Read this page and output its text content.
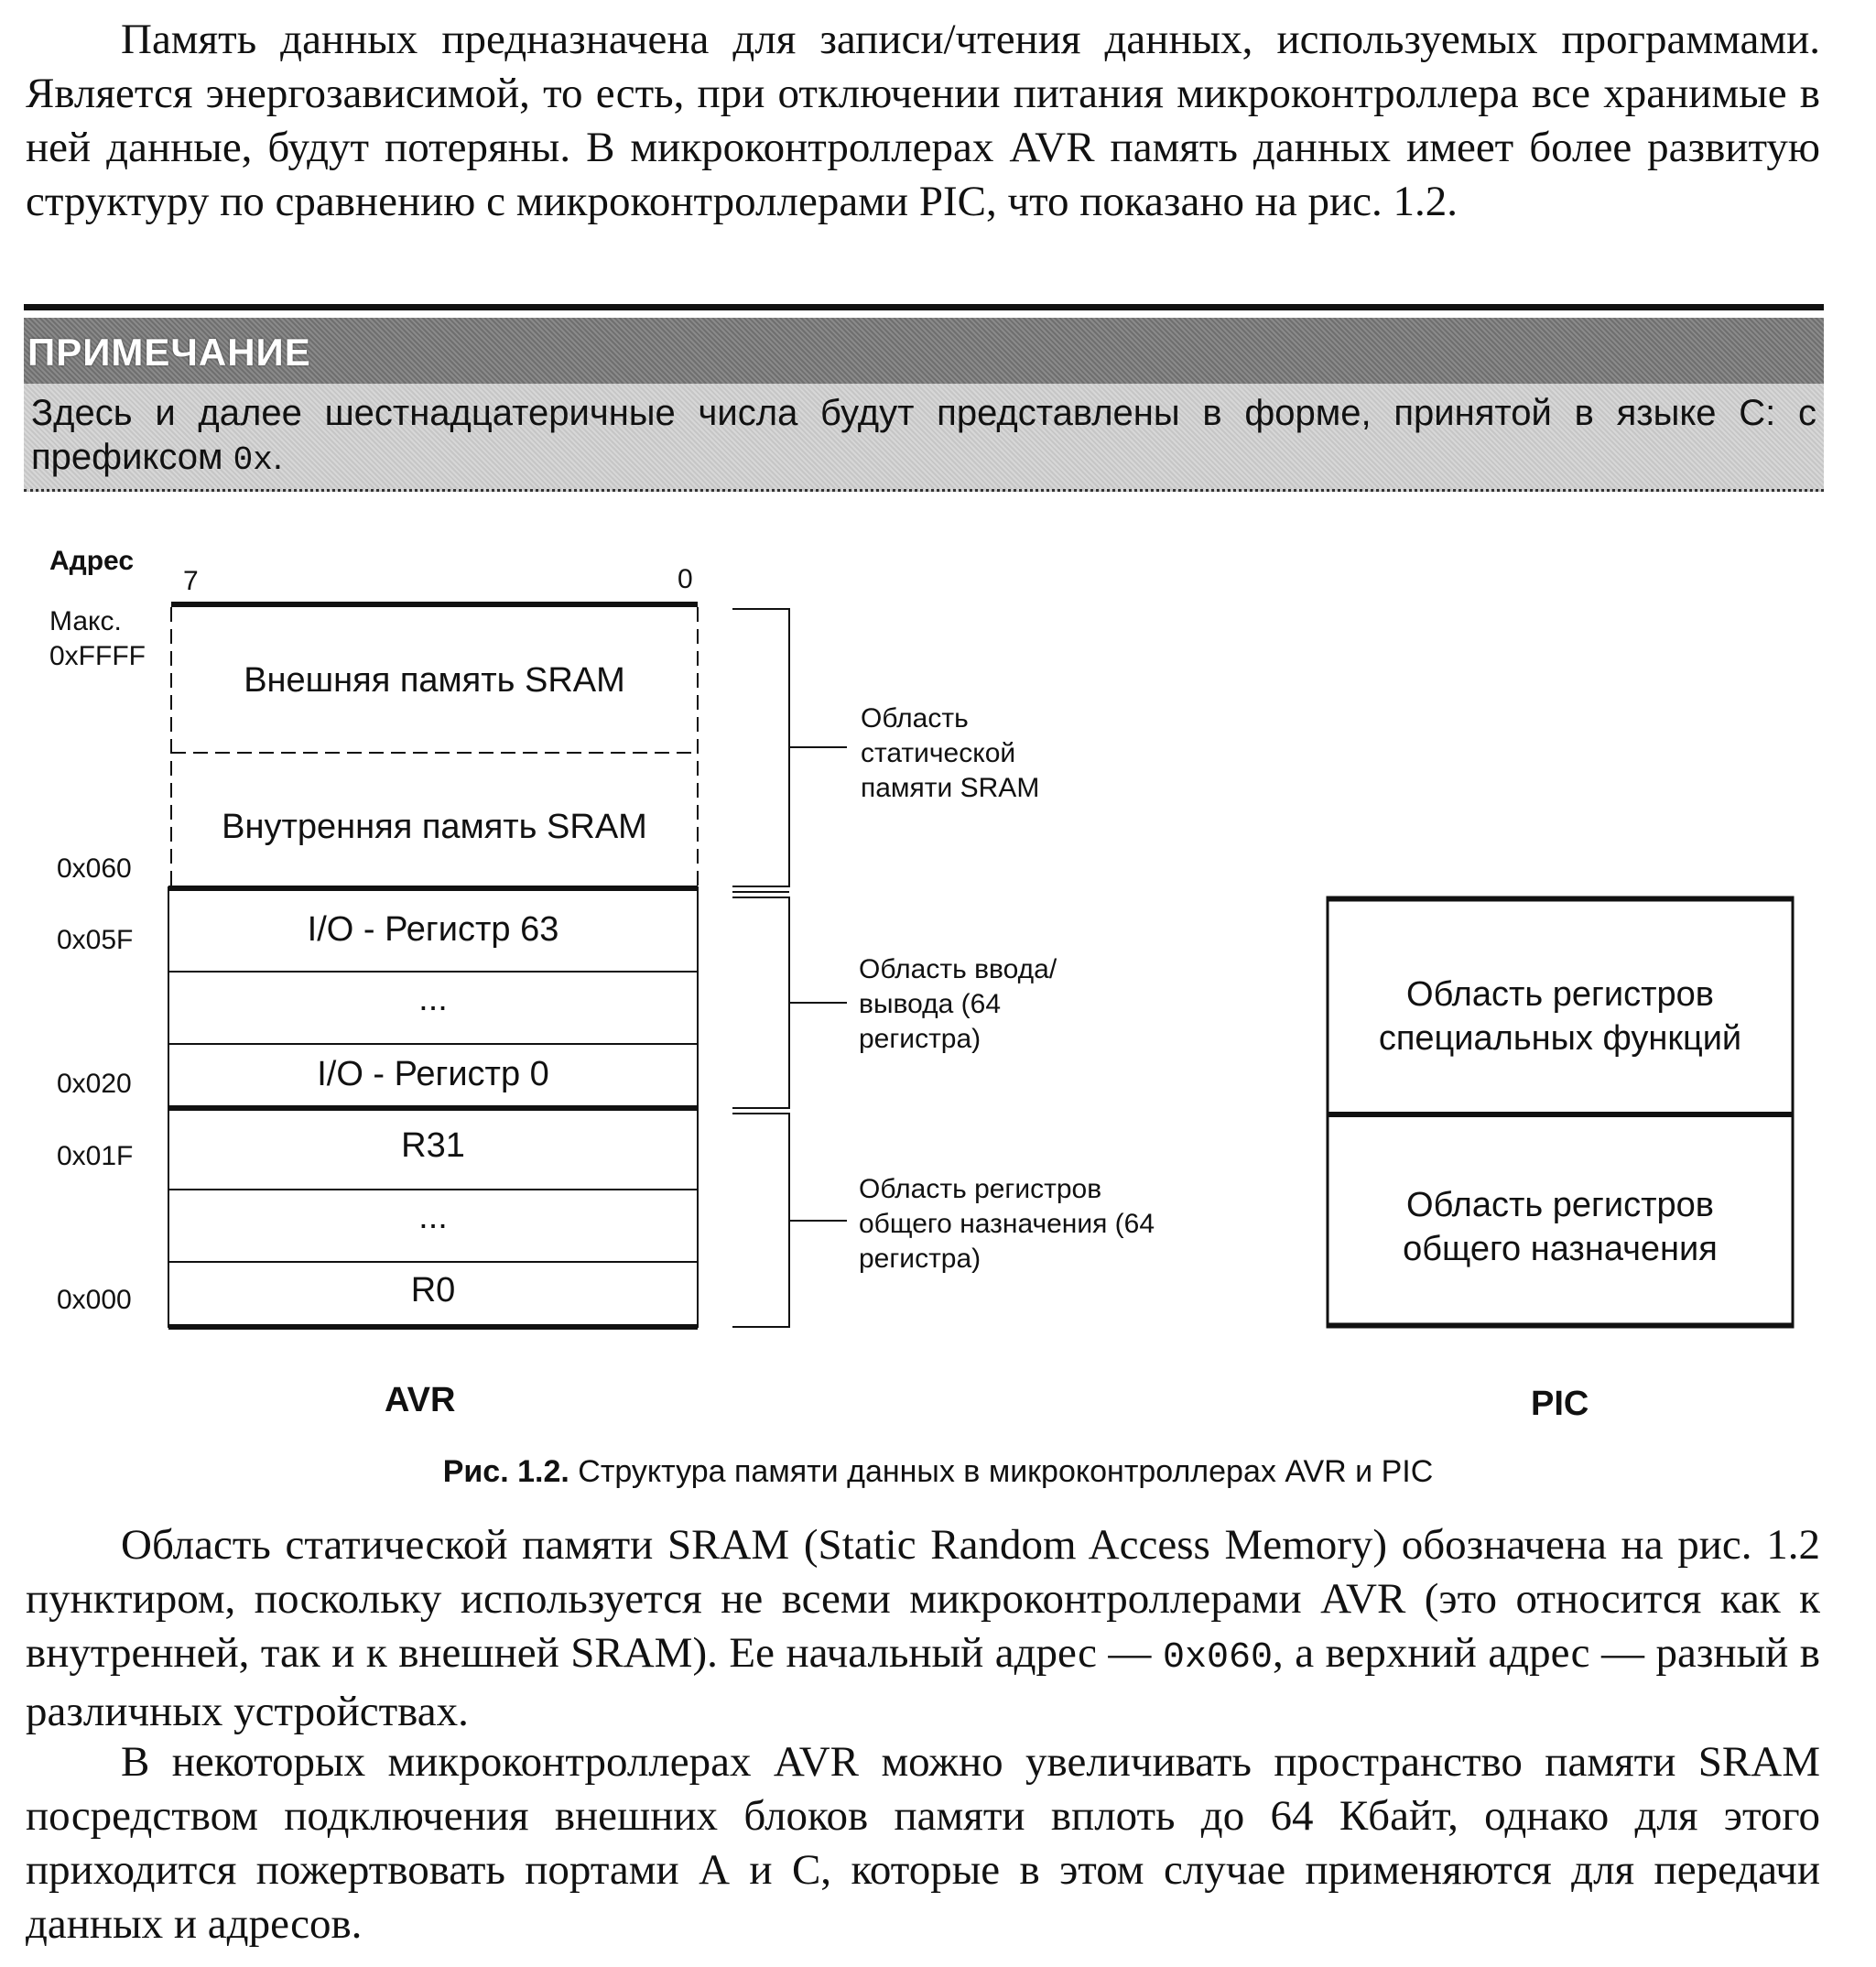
Память данных предназначена для записи/чтения данных, используемых программами. Является энергозависимой, то есть, при отключении питания микроконтроллера все хранимые в ней данные, будут потеряны. В микроконтроллерах AVR память данных имеет более развитую структуру по сравнению с микроконтроллерами PIC, что показано на рис. 1.2.

ПРИМЕЧАНИЕ
Здесь и далее шестнадцатеричные числа будут представлены в форме, принятой в языке С: с префиксом 0x.
Адрес
7	0
Макс.
0xFFFF
0x060
0x05F
0x020
0x01F
0x000
Внешняя память SRAM
Внутренняя память SRAM
I/O - Регистр 63
...
I/O - Регистр 0
R31
...
R0
Область статической памяти SRAM
Область ввода/вывода (64 регистра)
Область регистров общего назначения (64 регистра)
Область регистров специальных функций
Область регистров общего назначения
AVR	PIC
Рис. 1.2. Структура памяти данных в микроконтроллерах AVR и PIC

Область статической памяти SRAM (Static Random Access Memory) обозначена на рис. 1.2 пунктиром, поскольку используется не всеми микроконтроллерами AVR (это относится как к внутренней, так и к внешней SRAM). Ее начальный адрес — 0x060, а верхний адрес — разный в различных устройствах.

В некоторых микроконтроллерах AVR можно увеличивать пространство памяти SRAM посредством подключения внешних блоков памяти вплоть до 64 Кбайт, однако для этого приходится пожертвовать портами А и С, которые в этом случае применяются для передачи данных и адресов.
